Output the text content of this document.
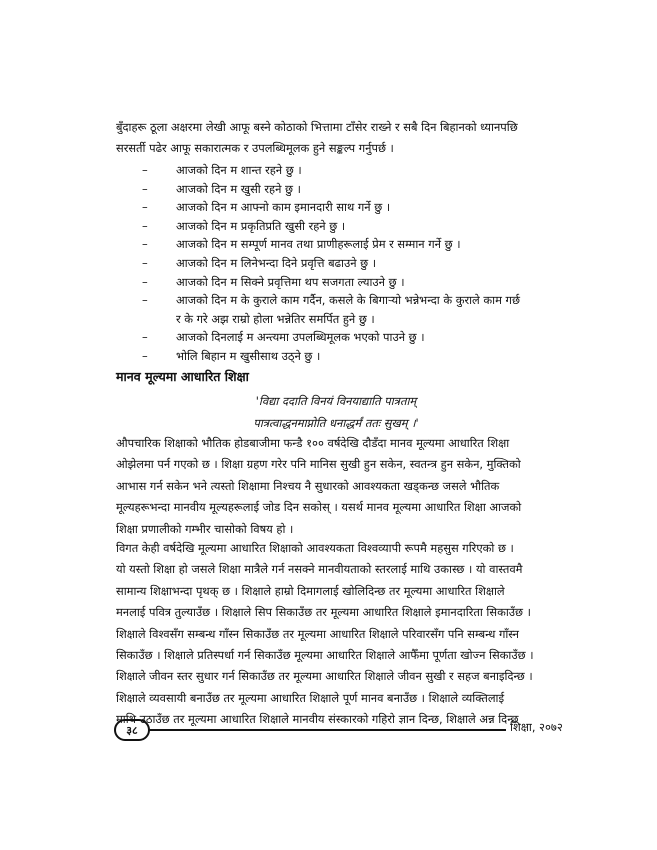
बुँदाहरू ठूला अक्षरमा लेखी आफू बस्ने कोठाको भित्तामा टाँसेर राख्ने र सबै दिन बिहानको ध्यानपछि
सरसर्ती पढेर आफू सकारात्मक र उपलब्धिमूलक हुने सङ्कल्प गर्नुपर्छ ।
–	आजको दिन म शान्त रहने छु ।
–	आजको दिन म खुसी रहने छु ।
–	आजको दिन म आफ्नो काम इमानदारी साथ गर्ने छु ।
–	आजको दिन म प्रकृतिप्रति खुसी रहने छु ।
–	आजको दिन म सम्पूर्ण मानव तथा प्राणीहरूलाई प्रेम र सम्मान गर्ने छु ।
–	आजको दिन म लिनेभन्दा दिने प्रवृत्ति बढाउने छु ।
–	आजको दिन म सिक्ने प्रवृत्तिमा थप सजगता ल्याउने छु ।
–	आजको दिन म के कुराले काम गर्दैन, कसले के बिगाऱ्यो भन्नेभन्दा के कुराले काम गर्छ
र के गरे अझ राम्रो होला भन्नेतिर समर्पित हुने छु ।
–	आजको दिनलाई म अन्त्यमा उपलब्धिमूलक भएको पाउने छु ।
–	भोलि बिहान म खुसीसाथ उठ्ने छु ।
मानव मूल्यमा आधारित शिक्षा
'विद्या ददाति विनयं विनयाद्याति पात्रताम्
पात्रत्वाद्धनमाप्नोति धनाद्धर्मं ततः सुखम् ।'
औपचारिक शिक्षाको भौतिक होडबाजीमा फन्डै १०० वर्षदेखि दौडँदा मानव मूल्यमा आधारित शिक्षा
ओझेलमा पर्न गएको छ । शिक्षा ग्रहण गरेर पनि मानिस सुखी हुन सकेन, स्वतन्त्र हुन सकेन, मुक्तिको
आभास गर्न सकेन भने त्यस्तो शिक्षामा निश्चय नै सुधारको आवश्यकता खड्कन्छ जसले भौतिक
मूल्यहरूभन्दा मानवीय मूल्यहरूलाई जोड दिन सकोस् । यसर्थ मानव मूल्यमा आधारित शिक्षा आजको
शिक्षा प्रणालीको गम्भीर चासोको विषय हो ।
विगत केही वर्षदेखि मूल्यमा आधारित शिक्षाको आवश्यकता विश्वव्यापी रूपमै महसुस गरिएको छ ।
यो यस्तो शिक्षा हो जसले शिक्षा मात्रैले गर्न नसक्ने मानवीयताको स्तरलाई माथि उकास्छ । यो वास्तवमै
सामान्य शिक्षाभन्दा पृथक् छ । शिक्षाले हाम्रो दिमागलाई खोलिदिन्छ तर मूल्यमा आधारित शिक्षाले
मनलाई पवित्र तुल्याउँछ । शिक्षाले सिप सिकाउँछ तर मूल्यमा आधारित शिक्षाले इमानदारिता सिकाउँछ ।
शिक्षाले विश्वसँग सम्बन्ध गाँस्न सिकाउँछ तर मूल्यमा आधारित शिक्षाले परिवारसँग पनि सम्बन्ध गाँस्न
सिकाउँछ । शिक्षाले प्रतिस्पर्धा गर्न सिकाउँछ मूल्यमा आधारित शिक्षाले आफैँमा पूर्णता खोज्न सिकाउँछ ।
शिक्षाले जीवन स्तर सुधार गर्न सिकाउँछ तर मूल्यमा आधारित शिक्षाले जीवन सुखी र सहज बनाइदिन्छ ।
शिक्षाले व्यवसायी बनाउँछ तर मूल्यमा आधारित शिक्षाले पूर्ण मानव बनाउँछ । शिक्षाले व्यक्तिलाई
माथि उठाउँछ तर मूल्यमा आधारित शिक्षाले मानवीय संस्कारको गहिरो ज्ञान दिन्छ, शिक्षाले अन्न दिन्छ
३८	शिक्षा, २०७२
